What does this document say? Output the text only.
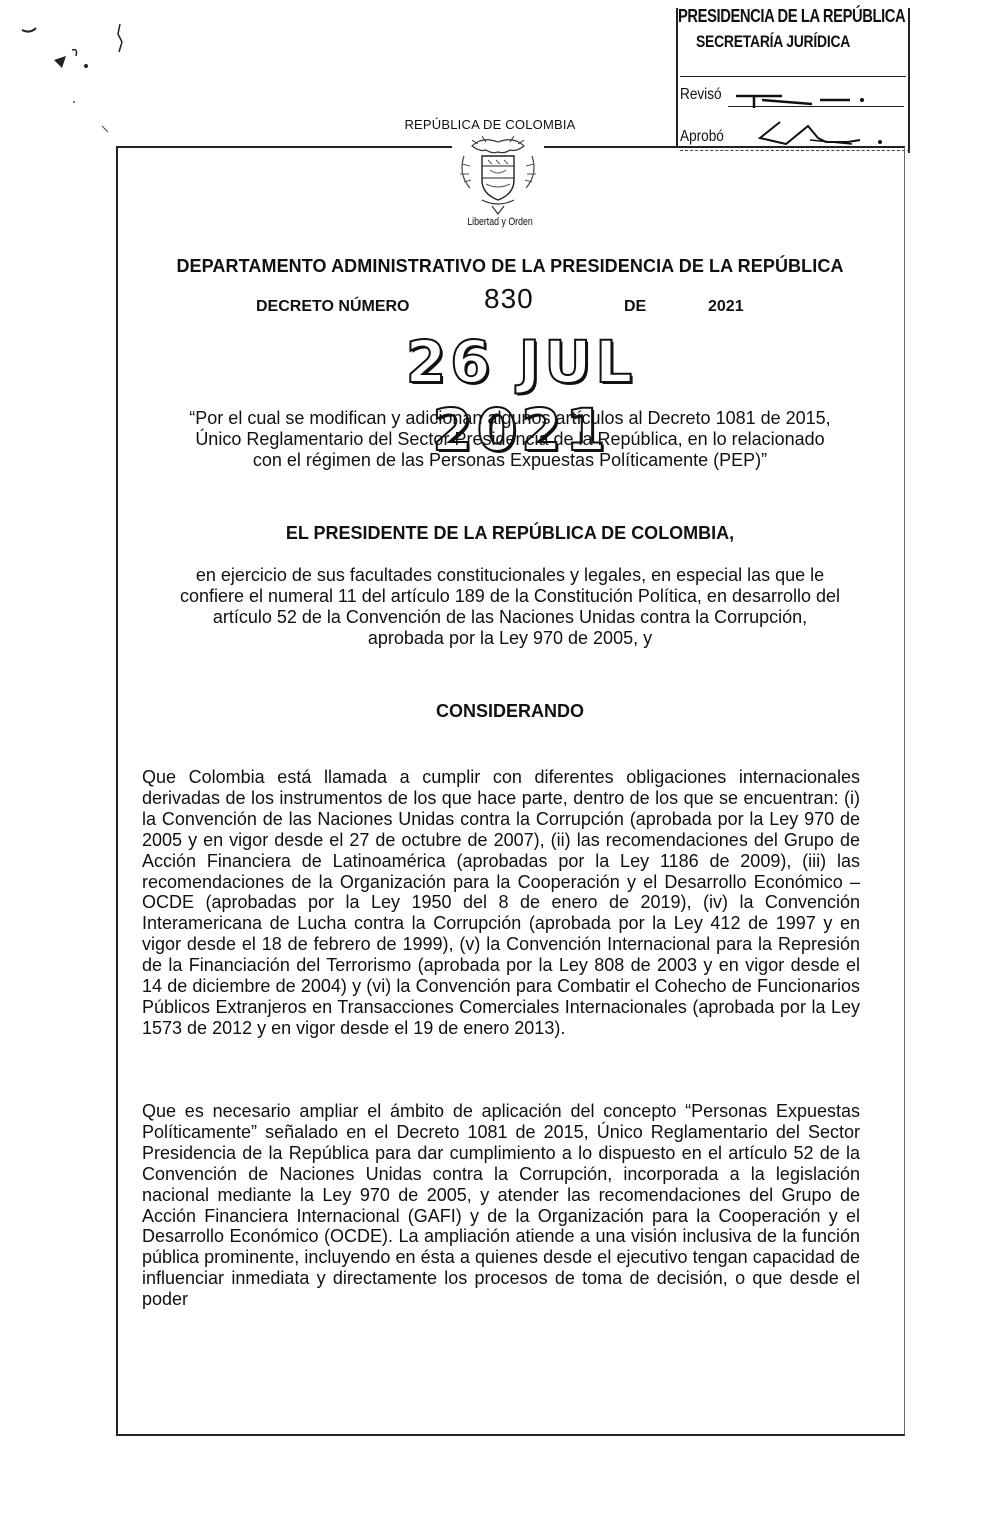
PRESIDENCIA DE LA REPÚBLICA
SECRETARÍA JURÍDICA
Revisó
Aprobó
REPÚBLICA DE COLOMBIA
Libertad y Orden
DEPARTAMENTO ADMINISTRATIVO DE LA PRESIDENCIA DE LA REPÚBLICA
DECRETO NÚMERO	830	DE	2021
26 JUL 2021
“Por el cual se modifican y adicionan algunos artículos al Decreto 1081 de 2015,
Único Reglamentario del Sector Presidencia de la República, en lo relacionado
con el régimen de las Personas Expuestas Políticamente (PEP)”
EL PRESIDENTE DE LA REPÚBLICA DE COLOMBIA,
en ejercicio de sus facultades constitucionales y legales, en especial las que le
confiere el numeral 11 del artículo 189 de la Constitución Política, en desarrollo del
artículo 52 de la Convención de las Naciones Unidas contra la Corrupción,
aprobada por la Ley 970 de 2005, y
CONSIDERANDO
Que Colombia está llamada a cumplir con diferentes obligaciones internacionales derivadas de los instrumentos de los que hace parte, dentro de los que se encuentran: (i) la Convención de las Naciones Unidas contra la Corrupción (aprobada por la Ley 970 de 2005 y en vigor desde el 27 de octubre de 2007), (ii) las recomendaciones del Grupo de Acción Financiera de Latinoamérica (aprobadas por la Ley 1186 de 2009), (iii) las recomendaciones de la Organización para la Cooperación y el Desarrollo Económico – OCDE (aprobadas por la Ley 1950 del 8 de enero de 2019), (iv) la Convención Interamericana de Lucha contra la Corrupción (aprobada por la Ley 412 de 1997 y en vigor desde el 18 de febrero de 1999), (v) la Convención Internacional para la Represión de la Financiación del Terrorismo (aprobada por la Ley 808 de 2003 y en vigor desde el 14 de diciembre de 2004) y (vi) la Convención para Combatir el Cohecho de Funcionarios Públicos Extranjeros en Transacciones Comerciales Internacionales (aprobada por la Ley 1573 de 2012 y en vigor desde el 19 de enero 2013).
Que es necesario ampliar el ámbito de aplicación del concepto “Personas Expuestas Políticamente” señalado en el Decreto 1081 de 2015, Único Reglamentario del Sector Presidencia de la República para dar cumplimiento a lo dispuesto en el artículo 52 de la Convención de Naciones Unidas contra la Corrupción, incorporada a la legislación nacional mediante la Ley 970 de 2005, y atender las recomendaciones del Grupo de Acción Financiera Internacional (GAFI) y de la Organización para la Cooperación y el Desarrollo Económico (OCDE). La ampliación atiende a una visión inclusiva de la función pública prominente, incluyendo en ésta a quienes desde el ejecutivo tengan capacidad de influenciar inmediata y directamente los procesos de toma de decisión, o que desde el poder
